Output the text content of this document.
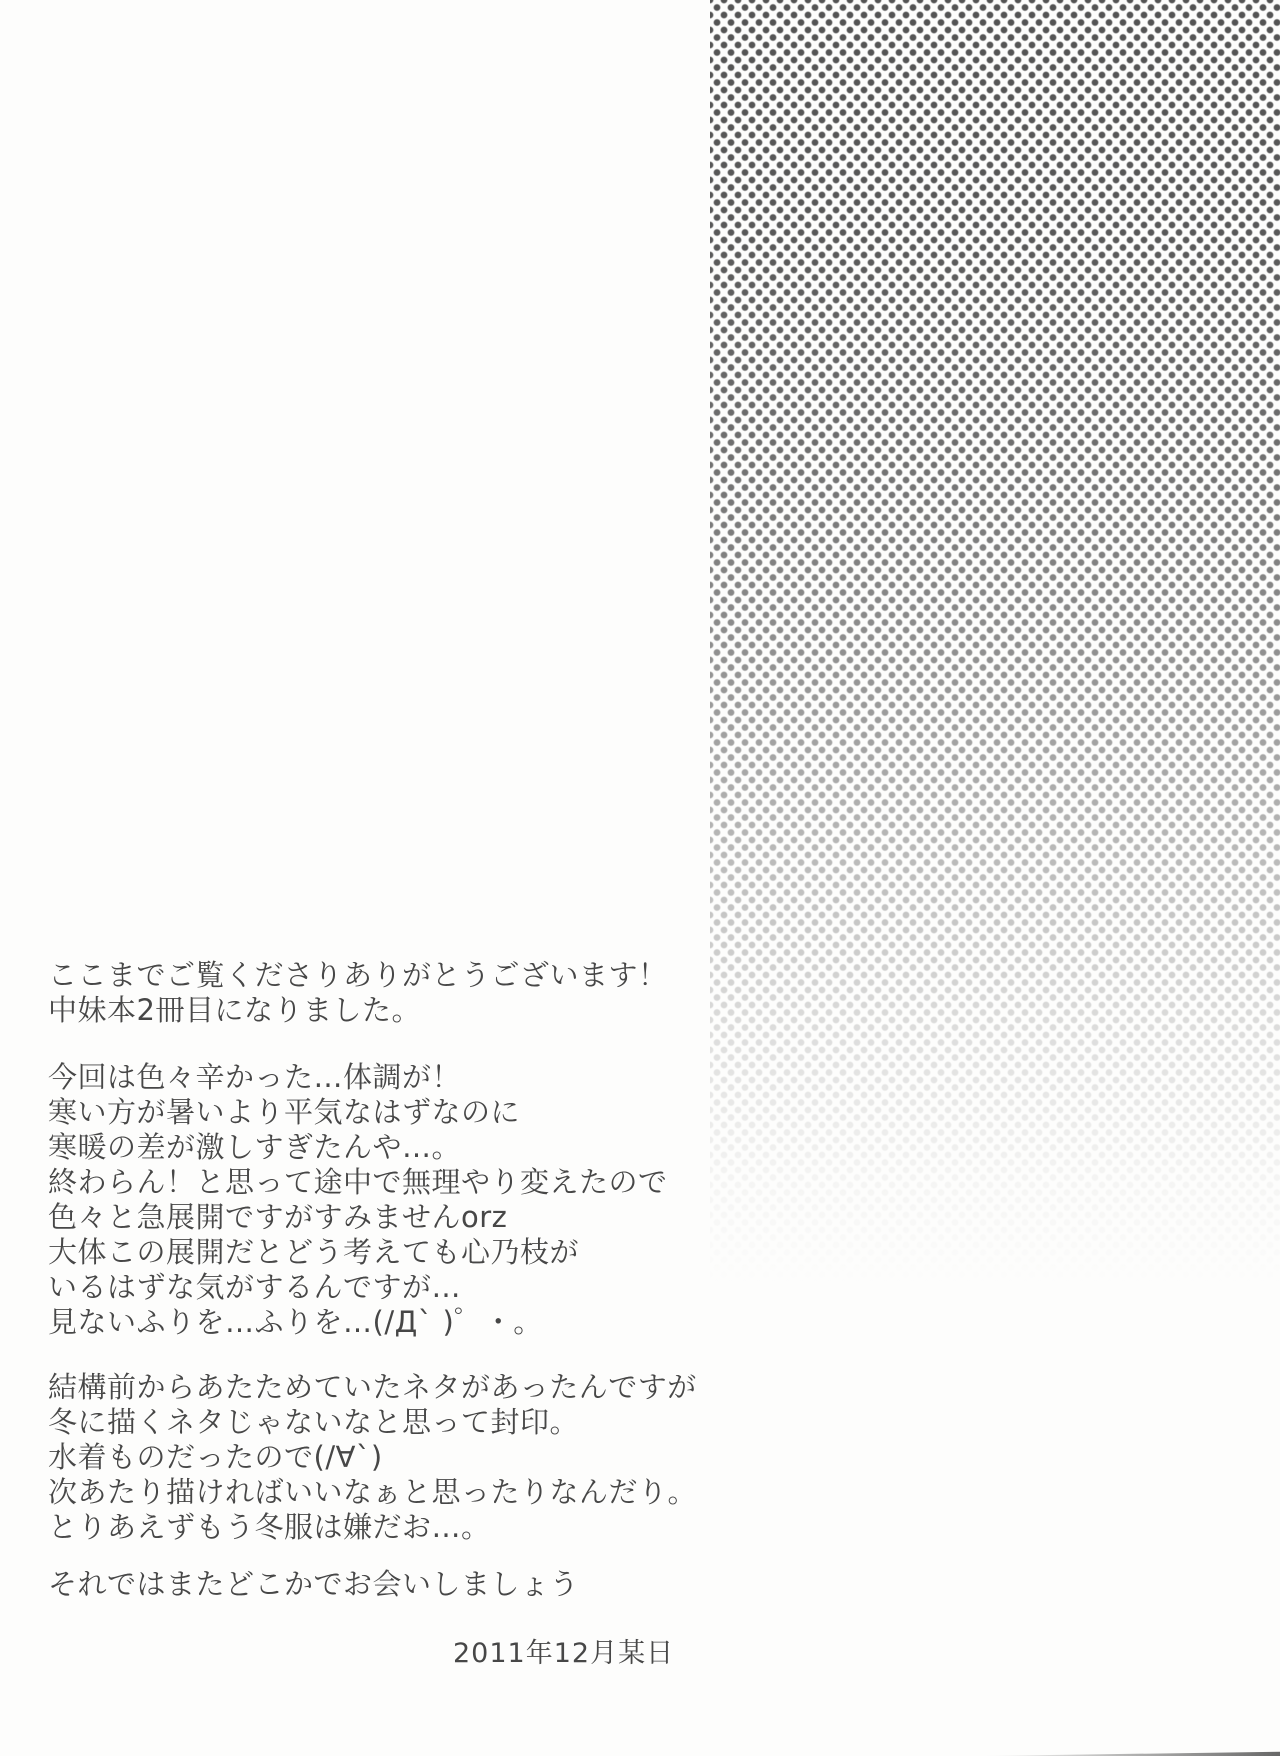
ここまでご覧くださりありがとうございます！
中妹本2冊目になりました。
今回は色々辛かった…体調が！
寒い方が暑いより平気なはずなのに
寒暖の差が激しすぎたんや…。
終わらん！と思って途中で無理やり変えたので
色々と急展開ですがすみませんorz
大体この展開だとどう考えても心乃枝が
いるはずな気がするんですが…
見ないふりを…ふりを…(/Д` )゜・。
結構前からあたためていたネタがあったんですが
冬に描くネタじゃないなと思って封印。
水着ものだったので(/∀`)
次あたり描ければいいなぁと思ったりなんだり。
とりあえずもう冬服は嫌だお…。
それではまたどこかでお会いしましょう
2011年12月某日
